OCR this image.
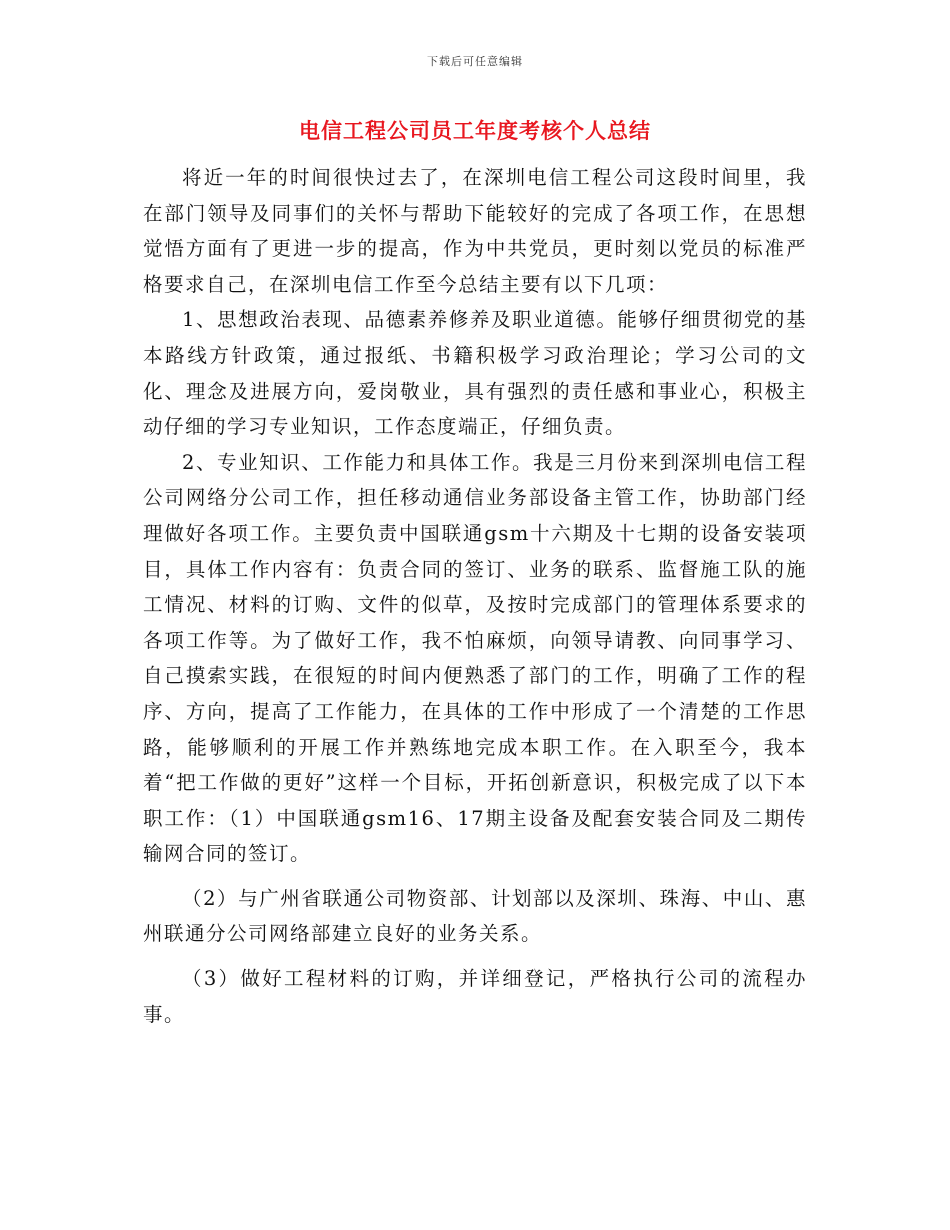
下载后可任意编辑
电信工程公司员工年度考核个人总结

将近一年的时间很快过去了，在深圳电信工程公司这段时间里，我在部门领导及同事们的关怀与帮助下能较好的完成了各项工作，在思想觉悟方面有了更进一步的提高，作为中共党员，更时刻以党员的标准严格要求自己，在深圳电信工作至今总结主要有以下几项：

1、思想政治表现、品德素养修养及职业道德。能够仔细贯彻党的基本路线方针政策，通过报纸、书籍积极学习政治理论；学习公司的文化、理念及进展方向，爱岗敬业，具有强烈的责任感和事业心，积极主动仔细的学习专业知识，工作态度端正，仔细负责。

2、专业知识、工作能力和具体工作。我是三月份来到深圳电信工程公司网络分公司工作，担任移动通信业务部设备主管工作，协助部门经理做好各项工作。主要负责中国联通gsm十六期及十七期的设备安装项目，具体工作内容有：负责合同的签订、业务的联系、监督施工队的施工情况、材料的订购、文件的似草，及按时完成部门的管理体系要求的各项工作等。为了做好工作，我不怕麻烦，向领导请教、向同事学习、自己摸索实践，在很短的时间内便熟悉了部门的工作，明确了工作的程序、方向，提高了工作能力，在具体的工作中形成了一个清楚的工作思路，能够顺利的开展工作并熟练地完成本职工作。在入职至今，我本着“把工作做的更好”这样一个目标，开拓创新意识，积极完成了以下本职工作：（1）中国联通gsm16、17期主设备及配套安装合同及二期传输网合同的签订。

（2）与广州省联通公司物资部、计划部以及深圳、珠海、中山、惠州联通分公司网络部建立良好的业务关系。

（3）做好工程材料的订购，并详细登记，严格执行公司的流程办事。
